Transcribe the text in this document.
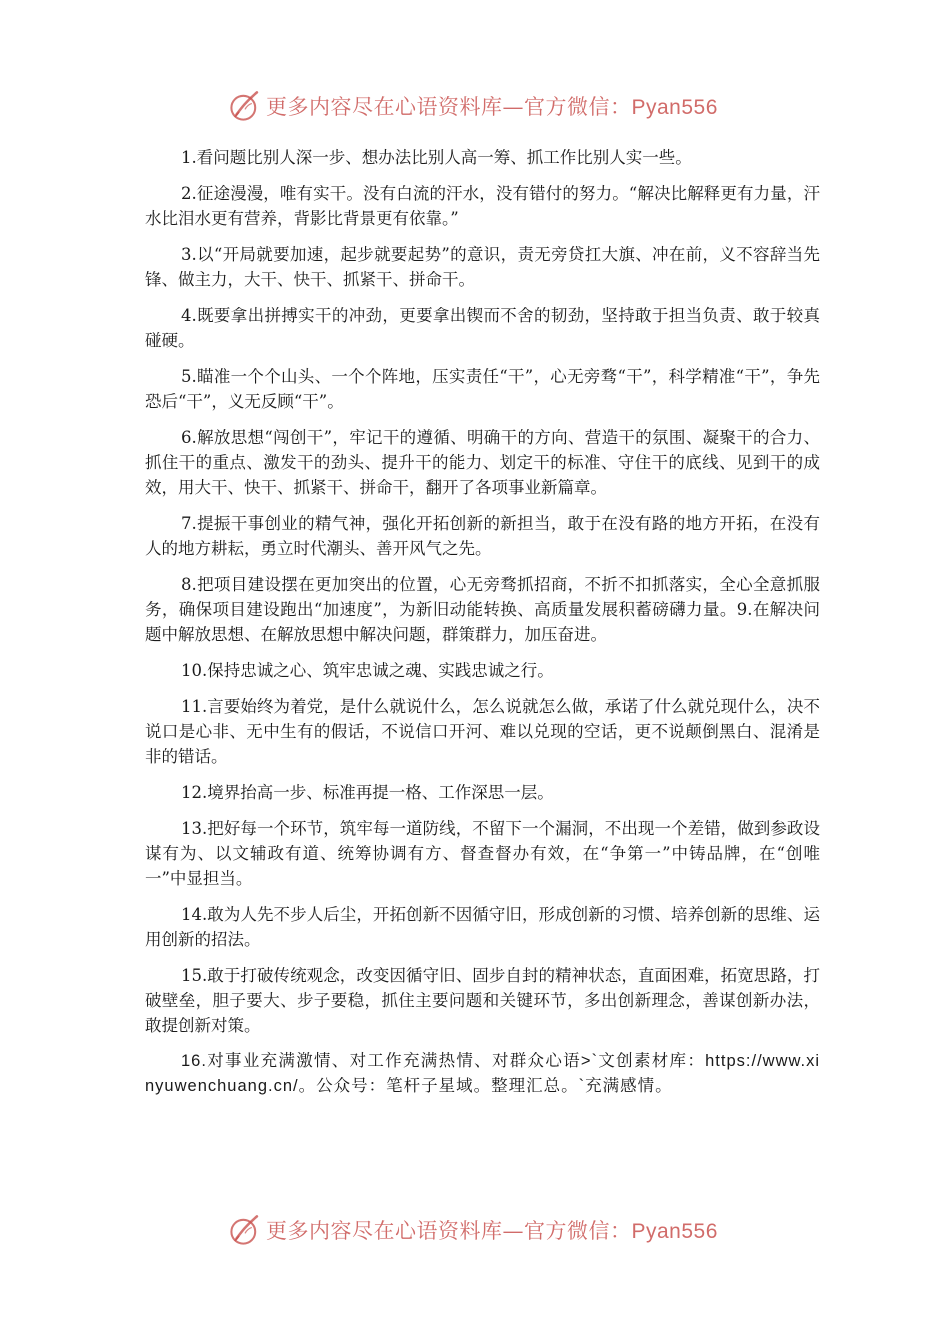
更多内容尽在心语资料库—官方微信：Pyan556

1.看问题比别人深一步、想办法比别人高一筹、抓工作比别人实一些。

2.征途漫漫，唯有实干。没有白流的汗水，没有错付的努力。“解决比解释更有力量，汗水比泪水更有营养，背影比背景更有依靠。”

3.以“开局就要加速，起步就要起势”的意识，责无旁贷扛大旗、冲在前，义不容辞当先锋、做主力，大干、快干、抓紧干、拼命干。

4.既要拿出拼搏实干的冲劲，更要拿出锲而不舍的韧劲，坚持敢于担当负责、敢于较真碰硬。

5.瞄准一个个山头、一个个阵地，压实责任“干”，心无旁骛“干”，科学精准“干”，争先恐后“干”，义无反顾“干”。

6.解放思想“闯创干”，牢记干的遵循、明确干的方向、营造干的氛围、凝聚干的合力、抓住干的重点、激发干的劲头、提升干的能力、划定干的标准、守住干的底线、见到干的成效，用大干、快干、抓紧干、拼命干，翻开了各项事业新篇章。

7.提振干事创业的精气神，强化开拓创新的新担当，敢于在没有路的地方开拓，在没有人的地方耕耘，勇立时代潮头、善开风气之先。

8.把项目建设摆在更加突出的位置，心无旁骛抓招商，不折不扣抓落实，全心全意抓服务，确保项目建设跑出“加速度”，为新旧动能转换、高质量发展积蓄磅礴力量。9.在解决问题中解放思想、在解放思想中解决问题，群策群力，加压奋进。

10.保持忠诚之心、筑牢忠诚之魂、实践忠诚之行。

11.言要始终为着党，是什么就说什么，怎么说就怎么做，承诺了什么就兑现什么，决不说口是心非、无中生有的假话，不说信口开河、难以兑现的空话，更不说颠倒黑白、混淆是非的错话。

12.境界抬高一步、标准再提一格、工作深思一层。

13.把好每一个环节，筑牢每一道防线，不留下一个漏洞，不出现一个差错，做到参政设谋有为、以文辅政有道、统筹协调有方、督查督办有效，在“争第一”中铸品牌，在“创唯一”中显担当。

14.敢为人先不步人后尘，开拓创新不因循守旧，形成创新的习惯、培养创新的思维、运用创新的招法。

15.敢于打破传统观念，改变因循守旧、固步自封的精神状态，直面困难，拓宽思路，打破壁垒，胆子要大、步子要稳，抓住主要问题和关键环节，多出创新理念，善谋创新办法，敢提创新对策。

16.对事业充满激情、对工作充满热情、对群众心语>`文创素材库：https://www.xinyuwenchuang.cn/。公众号：笔杆子星域。整理汇总。`充满感情。

更多内容尽在心语资料库—官方微信：Pyan556
